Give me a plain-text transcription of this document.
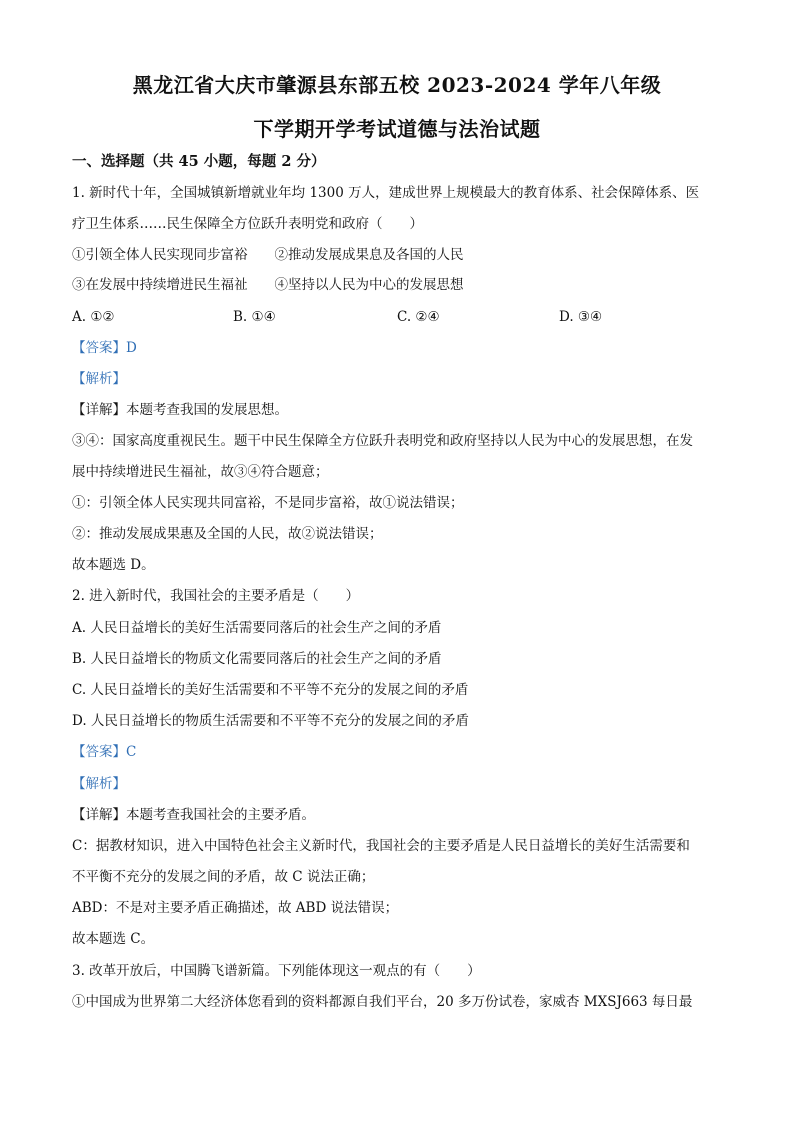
黑龙江省大庆市肇源县东部五校 2023-2024 学年八年级
下学期开学考试道德与法治试题
一、选择题（共 45 小题，每题 2 分）
1. 新时代十年，全国城镇新增就业年均 1300 万人，建成世界上规模最大的教育体系、社会保障体系、医
疗卫生体系……民生保障全方位跃升表明党和政府（　　）
①引领全体人民实现同步富裕　　②推动发展成果息及各国的人民
③在发展中持续增进民生福祉　　④坚持以人民为中心的发展思想
A. ①②	B. ①④	C. ②④	D. ③④
【答案】D
【解析】
【详解】本题考查我国的发展思想。
③④：国家高度重视民生。题干中民生保障全方位跃升表明党和政府坚持以人民为中心的发展思想，在发
展中持续增进民生福祉，故③④符合题意；
①：引领全体人民实现共同富裕，不是同步富裕，故①说法错误；
②：推动发展成果惠及全国的人民，故②说法错误；
故本题选 D。
2. 进入新时代，我国社会的主要矛盾是（　　）
A. 人民日益增长的美好生活需要同落后的社会生产之间的矛盾
B. 人民日益增长的物质文化需要同落后的社会生产之间的矛盾
C. 人民日益增长的美好生活需要和不平等不充分的发展之间的矛盾
D. 人民日益增长的物质生活需要和不平等不充分的发展之间的矛盾
【答案】C
【解析】
【详解】本题考查我国社会的主要矛盾。
C：据教材知识，进入中国特色社会主义新时代，我国社会的主要矛盾是人民日益增长的美好生活需要和
不平衡不充分的发展之间的矛盾，故 C 说法正确；
ABD：不是对主要矛盾正确描述，故 ABD 说法错误；
故本题选 C。
3. 改革开放后，中国腾飞谱新篇。下列能体现这一观点的有（　　）
①中国成为世界第二大经济体您看到的资料都源自我们平台，20 多万份试卷，家威杏 MXSJ663 每日最
